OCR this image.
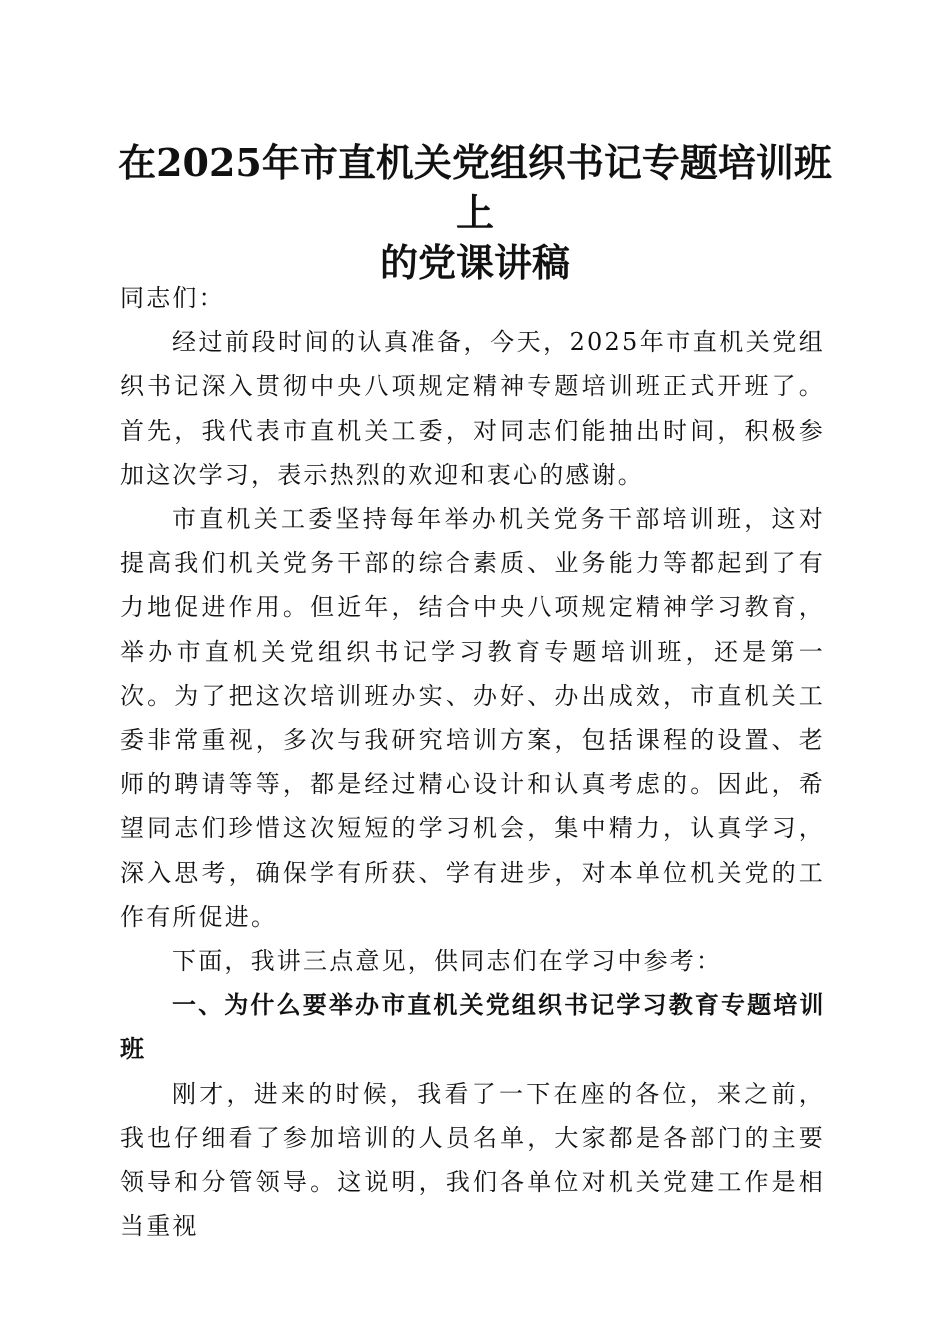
在2025年市直机关党组织书记专题培训班上
的党课讲稿

同志们：

经过前段时间的认真准备，今天，2025年市直机关党组织书记深入贯彻中央八项规定精神专题培训班正式开班了。首先，我代表市直机关工委，对同志们能抽出时间，积极参加这次学习，表示热烈的欢迎和衷心的感谢。

市直机关工委坚持每年举办机关党务干部培训班，这对提高我们机关党务干部的综合素质、业务能力等都起到了有力地促进作用。但近年，结合中央八项规定精神学习教育，举办市直机关党组织书记学习教育专题培训班，还是第一次。为了把这次培训班办实、办好、办出成效，市直机关工委非常重视，多次与我研究培训方案，包括课程的设置、老师的聘请等等，都是经过精心设计和认真考虑的。因此，希望同志们珍惜这次短短的学习机会，集中精力，认真学习，深入思考，确保学有所获、学有进步，对本单位机关党的工作有所促进。

下面，我讲三点意见，供同志们在学习中参考：

一、为什么要举办市直机关党组织书记学习教育专题培训班

刚才，进来的时候，我看了一下在座的各位，来之前，我也仔细看了参加培训的人员名单，大家都是各部门的主要领导和分管领导。这说明，我们各单位对机关党建工作是相当重视
